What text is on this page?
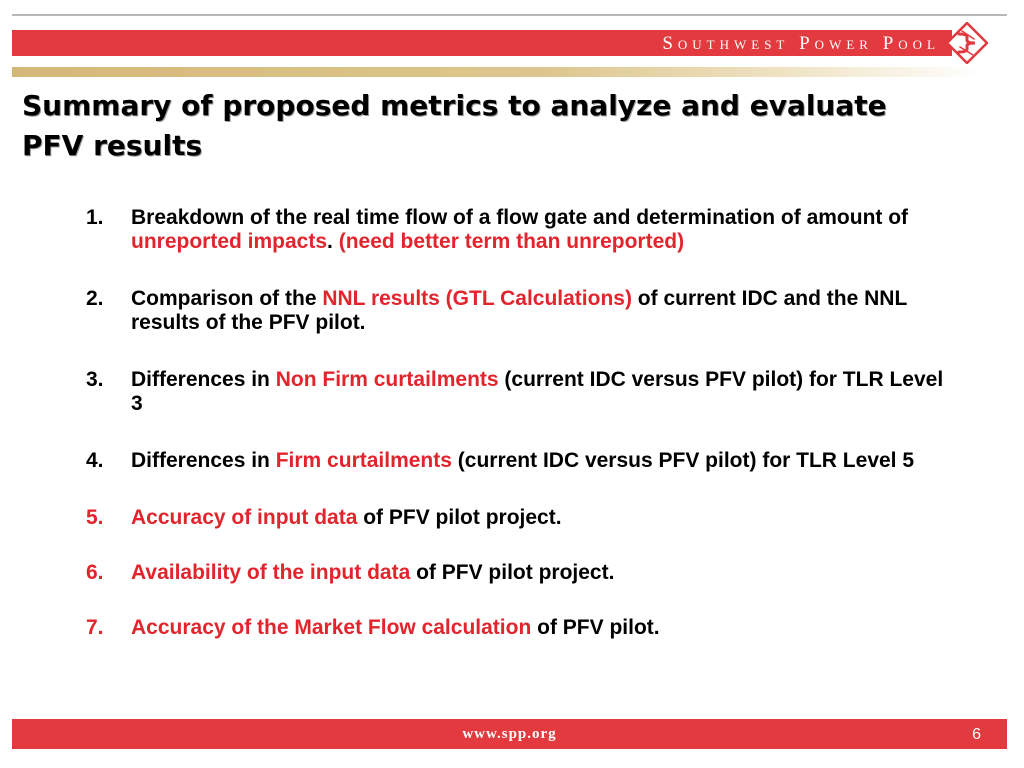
Southwest Power Pool
Summary of proposed metrics to analyze and evaluate PFV results
1. Breakdown of the real time flow of a flow gate and determination of amount of unreported impacts. (need better term than unreported)
2. Comparison of the NNL results (GTL Calculations) of current IDC and the NNL results of the PFV pilot.
3. Differences in Non Firm curtailments (current IDC versus PFV pilot) for TLR Level 3
4. Differences in Firm curtailments (current IDC versus PFV pilot) for TLR Level 5
5. Accuracy of input data of PFV pilot project.
6. Availability of the input data of PFV pilot project.
7. Accuracy of the Market Flow calculation of PFV pilot.
www.spp.org	6
